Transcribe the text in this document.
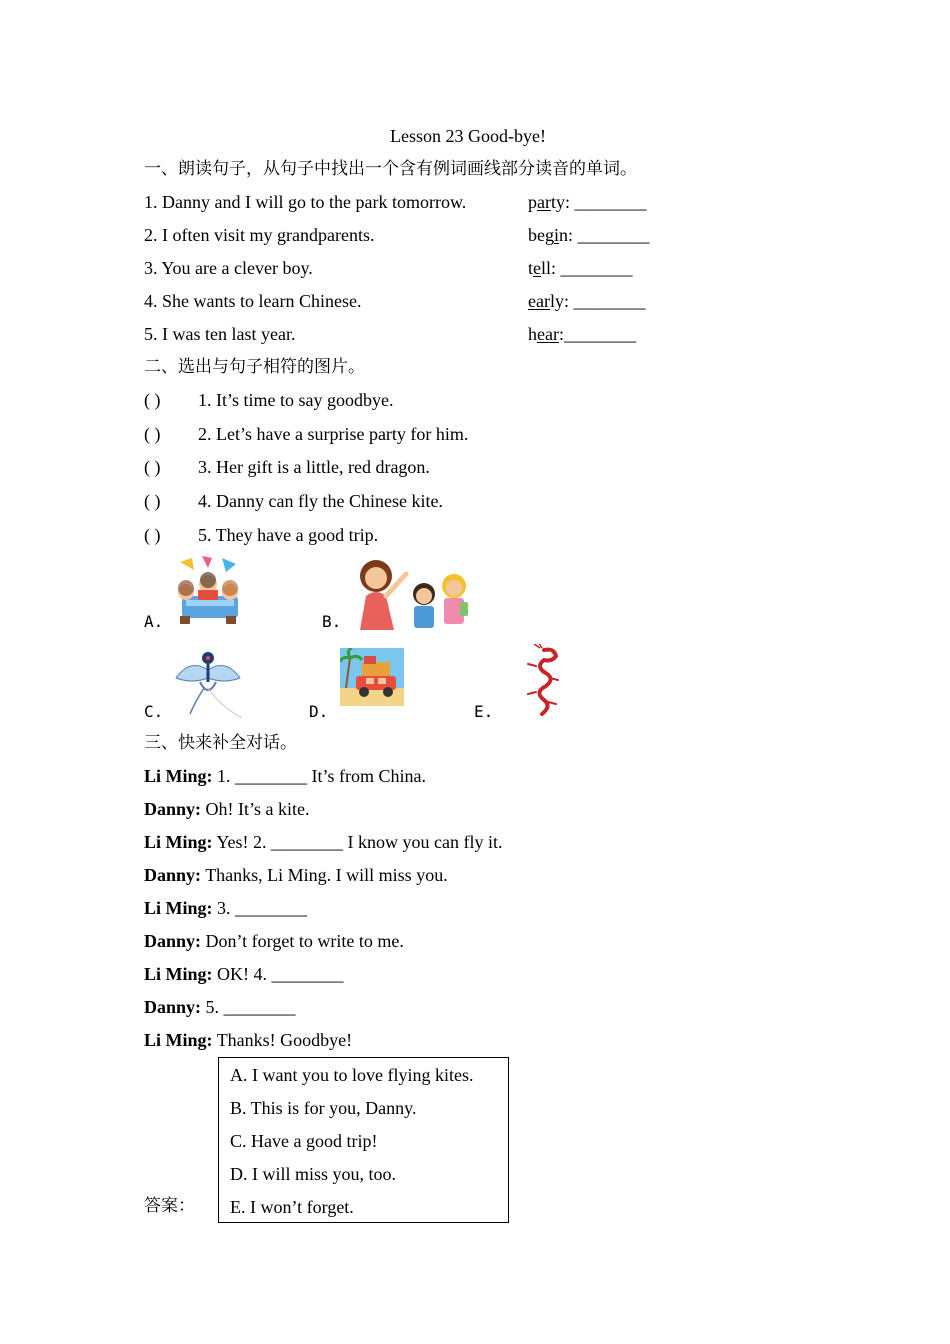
Lesson 23 Good-bye!
一、朗读句子，从句子中找出一个含有例词画线部分读音的单词。
1. Danny and I will go to the park tomorrow.	party: ________
2. I often visit my grandparents.	begin: ________
3. You are a clever boy.	tell: ________
4. She wants to learn Chinese.	early: ________
5. I was ten last year.	hear:________
二、选出与句子相符的图片。
( ) 1. It’s time to say goodbye.
( ) 2. Let’s have a surprise party for him.
( ) 3. Her gift is a little, red dragon.
( ) 4. Danny can fly the Chinese kite.
( ) 5. They have a good trip.
A.	B.
C.	D.	E.
三、快来补全对话。
Li Ming: 1. ________ It’s from China.
Danny: Oh! It’s a kite.
Li Ming: Yes! 2. ________ I know you can fly it.
Danny: Thanks, Li Ming. I will miss you.
Li Ming: 3. ________
Danny: Don’t forget to write to me.
Li Ming: OK! 4. ________
Danny: 5. ________
Li Ming: Thanks! Goodbye!
A. I want you to love flying kites.
B. This is for you, Danny.
C. Have a good trip!
D. I will miss you, too.
E. I won’t forget.
答案：
